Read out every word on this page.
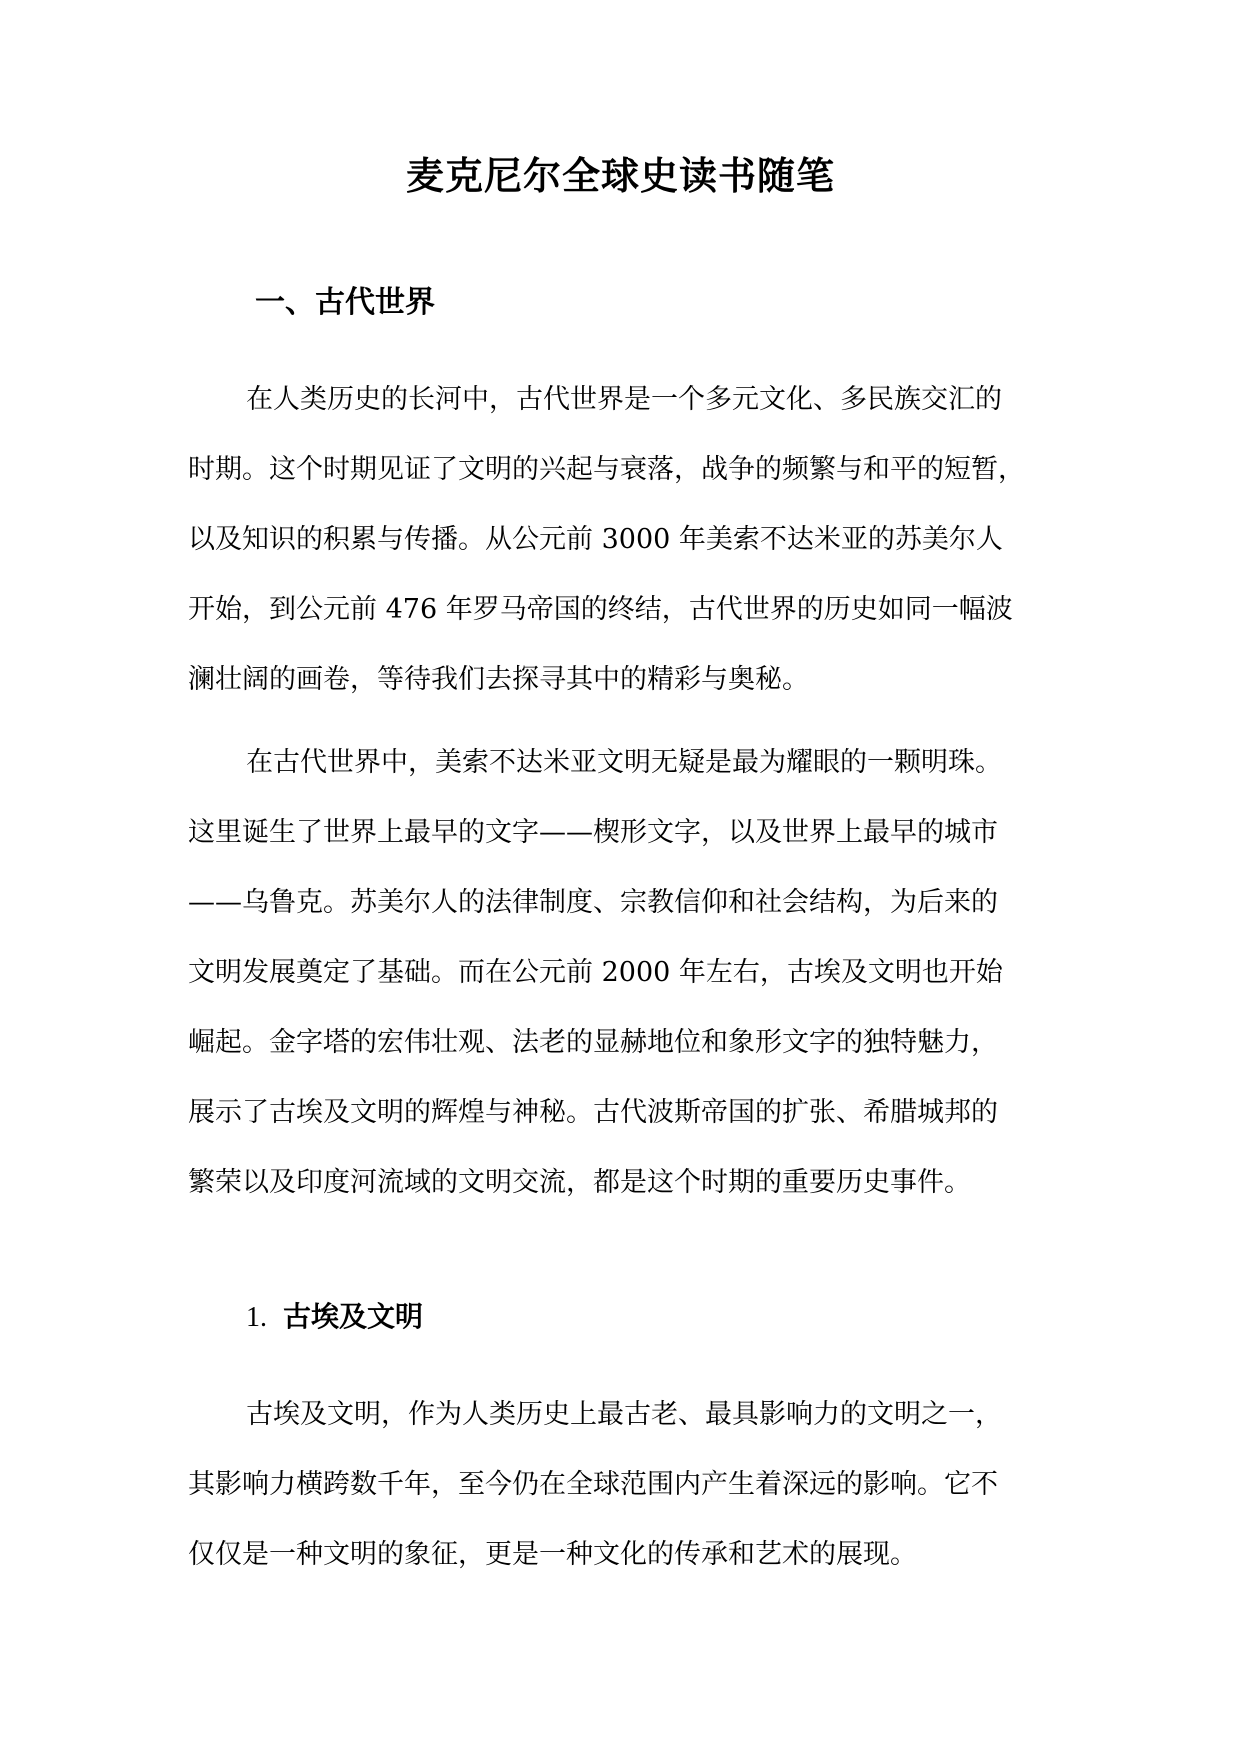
麦克尼尔全球史读书随笔
一、古代世界
在人类历史的长河中，古代世界是一个多元文化、多民族交汇的
时期。这个时期见证了文明的兴起与衰落，战争的频繁与和平的短暂，
以及知识的积累与传播。从公元前 3000 年美索不达米亚的苏美尔人
开始，到公元前 476 年罗马帝国的终结，古代世界的历史如同一幅波
澜壮阔的画卷，等待我们去探寻其中的精彩与奥秘。
在古代世界中，美索不达米亚文明无疑是最为耀眼的一颗明珠。
这里诞生了世界上最早的文字——楔形文字，以及世界上最早的城市
——乌鲁克。苏美尔人的法律制度、宗教信仰和社会结构，为后来的
文明发展奠定了基础。而在公元前 2000 年左右，古埃及文明也开始
崛起。金字塔的宏伟壮观、法老的显赫地位和象形文字的独特魅力，
展示了古埃及文明的辉煌与神秘。古代波斯帝国的扩张、希腊城邦的
繁荣以及印度河流域的文明交流，都是这个时期的重要历史事件。
1. 古埃及文明
古埃及文明，作为人类历史上最古老、最具影响力的文明之一，
其影响力横跨数千年，至今仍在全球范围内产生着深远的影响。它不
仅仅是一种文明的象征，更是一种文化的传承和艺术的展现。
